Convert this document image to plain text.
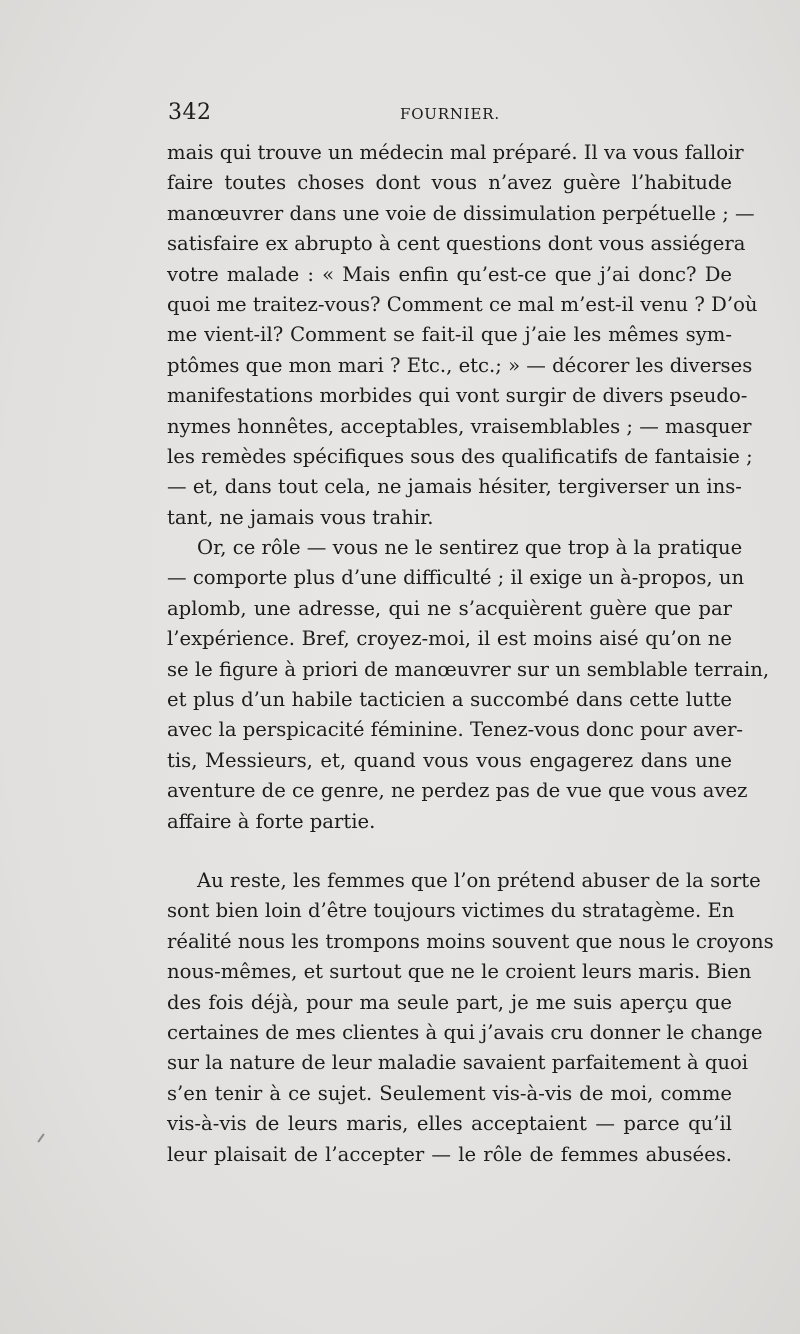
342	FOURNIER.
mais qui trouve un médecin mal préparé. Il va vous falloir
faire toutes choses dont vous n’avez guère l’habitude
manœuvrer dans une voie de dissimulation perpétuelle ; —
satisfaire ex abrupto à cent questions dont vous assiégera
votre malade : « Mais enfin qu’est-ce que j’ai donc? De
quoi me traitez-vous? Comment ce mal m’est-il venu ? D’où
me vient-il? Comment se fait-il que j’aie les mêmes sym-
ptômes que mon mari ? Etc., etc.; » — décorer les diverses
manifestations morbides qui vont surgir de divers pseudo-
nymes honnêtes, acceptables, vraisemblables ; — masquer
les remèdes spécifiques sous des qualificatifs de fantaisie ;
— et, dans tout cela, ne jamais hésiter, tergiverser un ins-
tant, ne jamais vous trahir.
Or, ce rôle — vous ne le sentirez que trop à la pratique
— comporte plus d’une difficulté ; il exige un à-propos, un
aplomb, une adresse, qui ne s’acquièrent guère que par
l’expérience. Bref, croyez-moi, il est moins aisé qu’on ne
se le figure à priori de manœuvrer sur un semblable terrain,
et plus d’un habile tacticien a succombé dans cette lutte
avec la perspicacité féminine. Tenez-vous donc pour aver-
tis, Messieurs, et, quand vous vous engagerez dans une
aventure de ce genre, ne perdez pas de vue que vous avez
affaire à forte partie.
Au reste, les femmes que l’on prétend abuser de la sorte
sont bien loin d’être toujours victimes du stratagème. En
réalité nous les trompons moins souvent que nous le croyons
nous-mêmes, et surtout que ne le croient leurs maris. Bien
des fois déjà, pour ma seule part, je me suis aperçu que
certaines de mes clientes à qui j’avais cru donner le change
sur la nature de leur maladie savaient parfaitement à quoi
s’en tenir à ce sujet. Seulement vis-à-vis de moi, comme
vis-à-vis de leurs maris, elles acceptaient — parce qu’il
leur plaisait de l’accepter — le rôle de femmes abusées.
